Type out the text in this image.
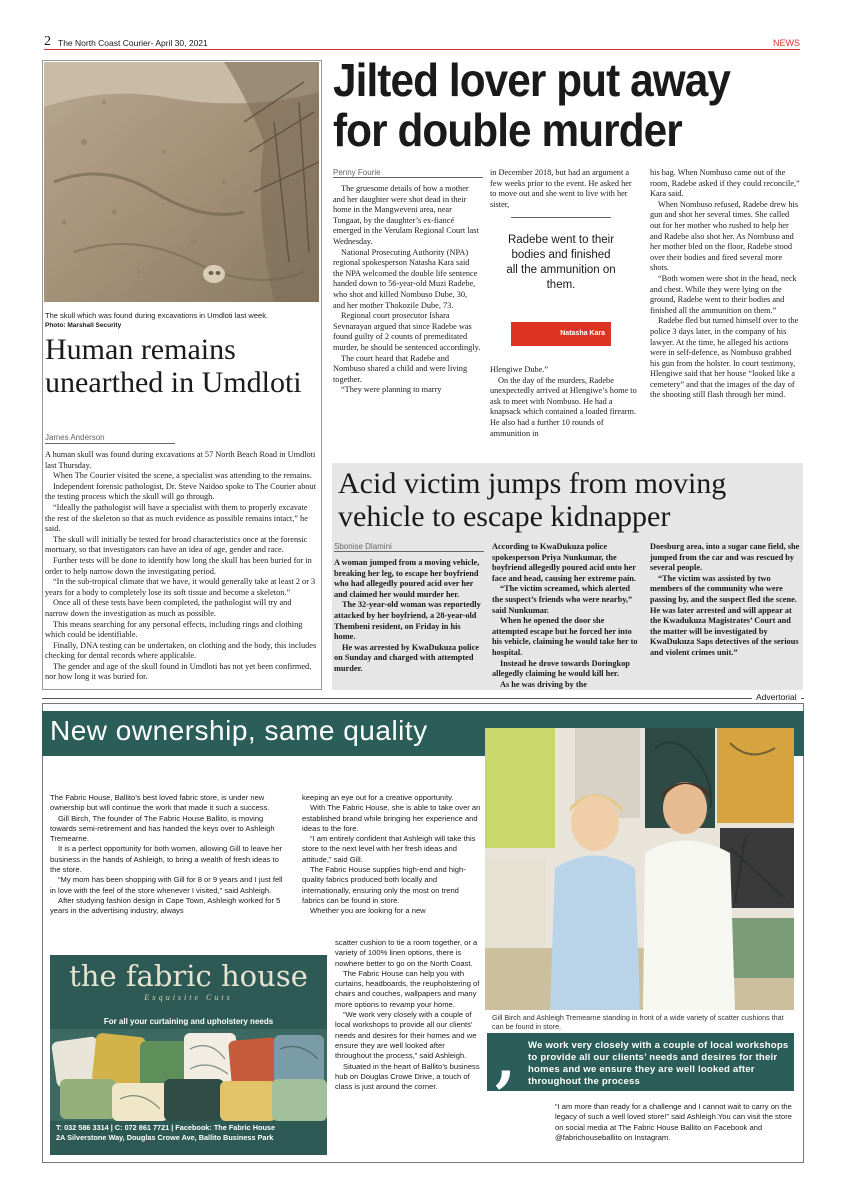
2 The North Coast Courier- April 30, 2021	NEWS
The skull which was found during excavations in Umdloti last week.
Photo: Marshall Security
Human remains unearthed in Umdloti
James Anderson
A human skull was found during excavations at 57 North Beach Road in Umdloti last Thursday.
When The Courier visited the scene, a specialist was attending to the remains.
Independent forensic pathologist, Dr. Steve Naidoo spoke to The Courier about the testing process which the skull will go through.
“Ideally the pathologist will have a specialist with them to properly excavate the rest of the skeleton so that as much evidence as possible remains intact,” he said.
The skull will initially be tested for broad characteristics once at the forensic mortuary, so that investigators can have an idea of age, gender and race.
Further tests will be done to identify how long the skull has been buried for in order to help narrow down the investigating period.
“In the sub-tropical climate that we have, it would generally take at least 2 or 3 years for a body to completely lose its soft tissue and become a skeleton.”
Once all of these tests have been completed, the pathologist will try and narrow down the investigation as much as possible.
This means searching for any personal effects, including rings and clothing which could be identifiable.
Finally, DNA testing can be undertaken, on clothing and the body, this includes checking for dental records where applicable.
The gender and age of the skull found in Umdloti has not yet been confirmed, nor how long it was buried for.
Jilted lover put away for double murder
Penny Fourie
The gruesome details of how a mother and her daughter were shot dead in their home in the Mangweveni area, near Tongaat, by the daughter’s ex-fiancé emerged in the Verulam Regional Court last Wednesday.
National Prosecuting Authority (NPA) regional spokesperson Natasha Kara said the NPA welcomed the double life sentence handed down to 56-year-old Muzi Radebe, who shot and killed Nombuso Dube, 30, and her mother Thokozile Dube, 73.
Regional court prosecutor Ishara Sevnarayan argued that since Radebe was found guilty of 2 counts of premeditated murder, he should be sentenced accordingly.
The court heard that Radebe and Nombuso shared a child and were living together.
“They were planning to marry
in December 2018, but had an argument a few weeks prior to the event. He asked her to move out and she went to live with her sister,
Radebe went to their bodies and finished all the ammunition on them.
Natasha Kara
Hlengiwe Dube.”
On the day of the murders, Radebe unexpectedly arrived at Hlengiwe’s home to ask to meet with Nombuso. He had a knapsack which contained a loaded firearm. He also had a further 10 rounds of ammunition in
his bag. When Nombuso came out of the room, Radebe asked if they could reconcile,” Kara said.
When Nombuso refused, Radebe drew his gun and shot her several times. She called out for her mother who rushed to help her and Radebe also shot her. As Nombuso and her mother bled on the floor, Radebe stood over their bodies and fired several more shots.
“Both women were shot in the head, neck and chest. While they were lying on the ground, Radebe went to their bodies and finished all the ammunition on them.”
Radebe fled but turned himself over to the police 3 days later, in the company of his lawyer. At the time, he alleged his actions were in self-defence, as Nombuso grabbed his gun from the holster. In court testimony, Hlengiwe said that her house “looked like a cemetery” and that the images of the day of the shooting still flash through her mind.
Acid victim jumps from moving vehicle to escape kidnapper
Sbonise Dlamini
A woman jumped from a moving vehicle, breaking her leg, to escape her boyfriend who had allegedly poured acid over her and claimed her would murder her.
The 32-year-old woman was reportedly attacked by her boyfriend, a 28-year-old Thembeni resident, on Friday in his home.
He was arrested by KwaDukuza police on Sunday and charged with attempted murder.
According to KwaDukuza police spokesperson Priya Nunkumar, the boyfriend allegedly poured acid onto her face and head, causing her extreme pain.
“The victim screamed, which alerted the suspect’s friends who were nearby,” said Nunkumar.
When he opened the door she attempted escape but he forced her into his vehicle, claiming he would take her to hospital.
Instead he drove towards Doringkop allegedly claiming he would kill her.
As he was driving by the
Doesburg area, into a sugar cane field, she jumped from the car and was rescued by several people.
“The victim was assisted by two members of the community who were passing by, and the suspect fled the scene. He was later arrested and will appear at the Kwadukuza Magistrates’ Court and the matter will be investigated by KwaDukuza Saps detectives of the serious and violent crimes unit.”
Advertorial
New ownership, same quality
The Fabric House, Ballito’s best loved fabric store, is under new ownership but will continue the work that made it such a success.
Gill Birch, The founder of The Fabric House Ballito, is moving towards semi-retirement and has handed the keys over to Ashleigh Tremearne.
It is a perfect opportunity for both women, allowing Gill to leave her business in the hands of Ashleigh, to bring a wealth of fresh ideas to the store.
“My mom has been shopping with Gill for 8 or 9 years and I just fell in love with the feel of the store whenever I visited,” said Ashleigh.
After studying fashion design in Cape Town, Ashleigh worked for 5 years in the advertising industry, always
keeping an eye out for a creative opportunity.
With The Fabric House, she is able to take over an established brand while bringing her experience and ideas to the fore.
“I am entirely confident that Ashleigh will take this store to the next level with her fresh ideas and attitude,” said Gill.
The Fabric House supplies high-end and high-quality fabrics produced both locally and internationally, ensuring only the most on trend fabrics can be found in store.
Whether you are looking for a new
scatter cushion to tie a room together, or a variety of 100% linen options, there is nowhere better to go on the North Coast.
The Fabric House can help you with curtains, headboards, the reupholstering of chairs and couches, wallpapers and many more options to revamp your home.
“We work very closely with a couple of local workshops to provide all our clients’ needs and desires for their homes and we ensure they are well looked after throughout the process,” said Ashleigh.
Situated in the heart of Ballito’s business hub on Douglas Crowe Drive, a touch of class is just around the corner.
the fabric house
Exquisite Cuts
For all your curtaining and upholstery needs
T: 032 586 3314 | C: 072 861 7721 | Facebook: The Fabric House
2A Silverstone Way, Douglas Crowe Ave, Ballito Business Park
Gill Birch and Ashleigh Tremearne standing in front of a wide variety of scatter cushions that can be found in store.
, We work very closely with a couple of local workshops to provide all our clients’ needs and desires for their homes and we ensure they are well looked after throughout the process
“I am more than ready for a challenge and I cannot wait to carry on the legacy of such a well loved store!” said Ashleigh.You can visit the store on social media at The Fabric House Ballito on Facebook and @fabrichouseballito on Instagram.
